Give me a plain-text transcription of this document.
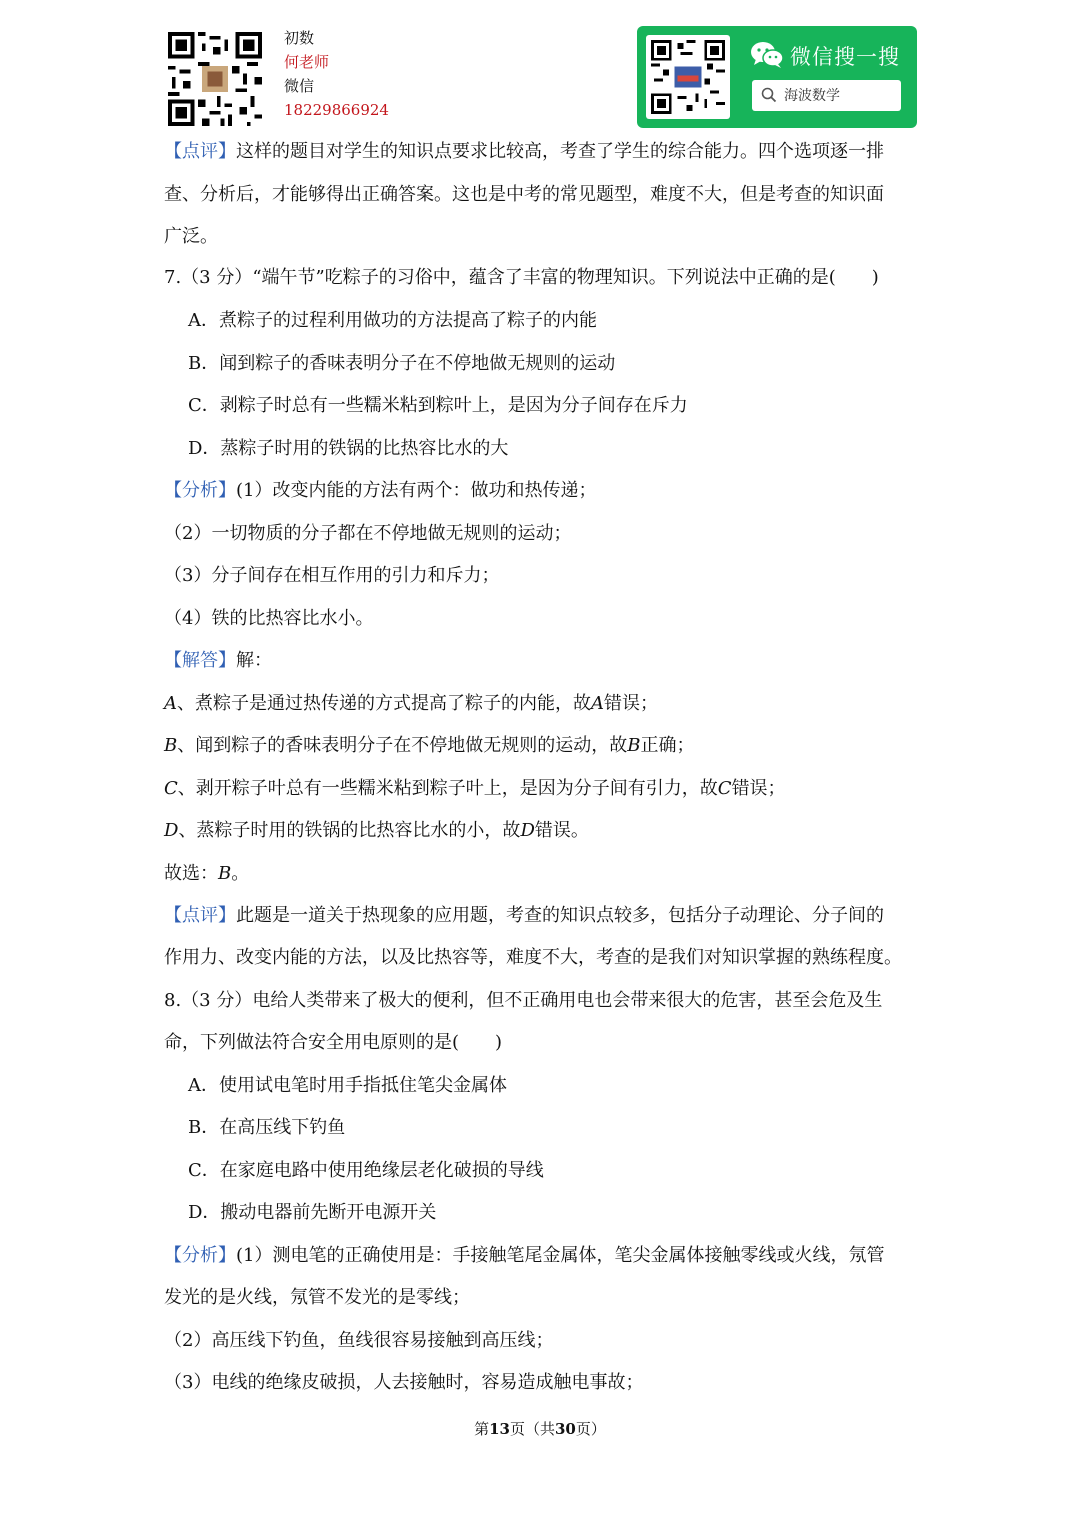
初数
何老师
微信
18229866924
微信搜一搜
海波数学
【点评】这样的题目对学生的知识点要求比较高，考查了学生的综合能力。四个选项逐一排
查、分析后，才能够得出正确答案。这也是中考的常见题型，难度不大，但是考查的知识面
广泛。
7.（3 分）“端午节”吃粽子的习俗中，蕴含了丰富的物理知识。下列说法中正确的是(　　)
A．煮粽子的过程利用做功的方法提高了粽子的内能
B．闻到粽子的香味表明分子在不停地做无规则的运动
C．剥粽子时总有一些糯米粘到粽叶上，是因为分子间存在斥力
D．蒸粽子时用的铁锅的比热容比水的大
【分析】(1）改变内能的方法有两个：做功和热传递；
（2）一切物质的分子都在不停地做无规则的运动；
（3）分子间存在相互作用的引力和斥力；
（4）铁的比热容比水小。
【解答】解：
A、煮粽子是通过热传递的方式提高了粽子的内能，故A错误；
B、闻到粽子的香味表明分子在不停地做无规则的运动，故B正确；
C、剥开粽子叶总有一些糯米粘到粽子叶上，是因为分子间有引力，故C错误；
D、蒸粽子时用的铁锅的比热容比水的小，故D错误。
故选：B。
【点评】此题是一道关于热现象的应用题，考查的知识点较多，包括分子动理论、分子间的
作用力、改变内能的方法，以及比热容等，难度不大，考查的是我们对知识掌握的熟练程度。
8.（3 分）电给人类带来了极大的便利，但不正确用电也会带来很大的危害，甚至会危及生
命，下列做法符合安全用电原则的是(　　)
A．使用试电笔时用手指抵住笔尖金属体
B．在高压线下钓鱼
C．在家庭电路中使用绝缘层老化破损的导线
D．搬动电器前先断开电源开关
【分析】(1）测电笔的正确使用是：手接触笔尾金属体，笔尖金属体接触零线或火线，氖管
发光的是火线，氖管不发光的是零线；
（2）高压线下钓鱼，鱼线很容易接触到高压线；
（3）电线的绝缘皮破损，人去接触时，容易造成触电事故；
第13页（共30页）
